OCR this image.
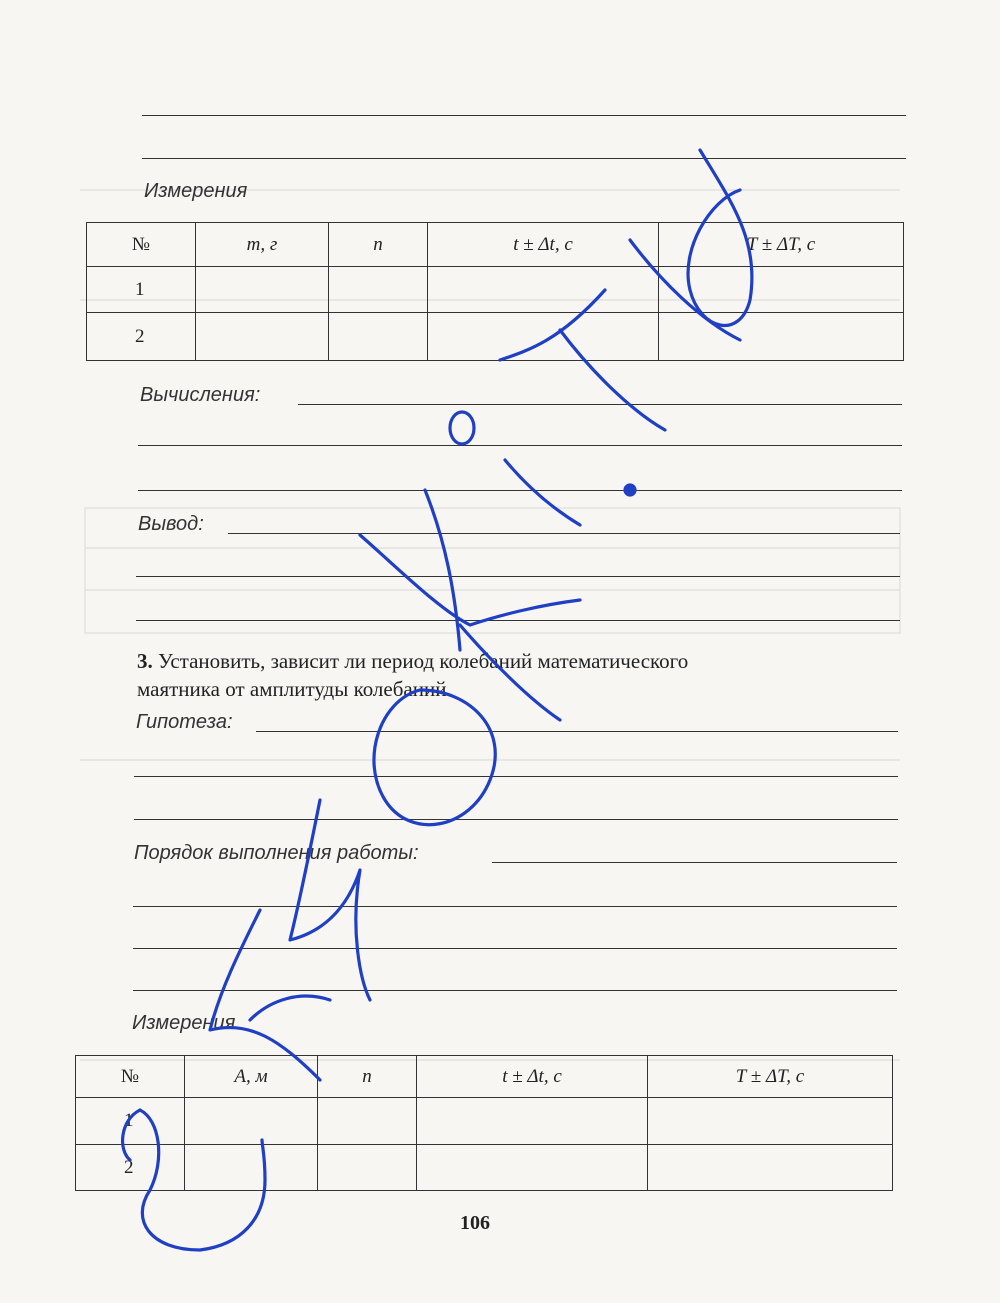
Измерения
№	m, г	n	t ± Δt, с	T ± ΔT, с
1				
2				
Вычисления:
Вывод:
3. Установить, зависит ли период колебаний математического
маятника от амплитуды колебаний.
Гипотеза:
Порядок выполнения работы:
Измерения
№	A, м	n	t ± Δt, с	T ± ΔT, с
1				
2				
106
